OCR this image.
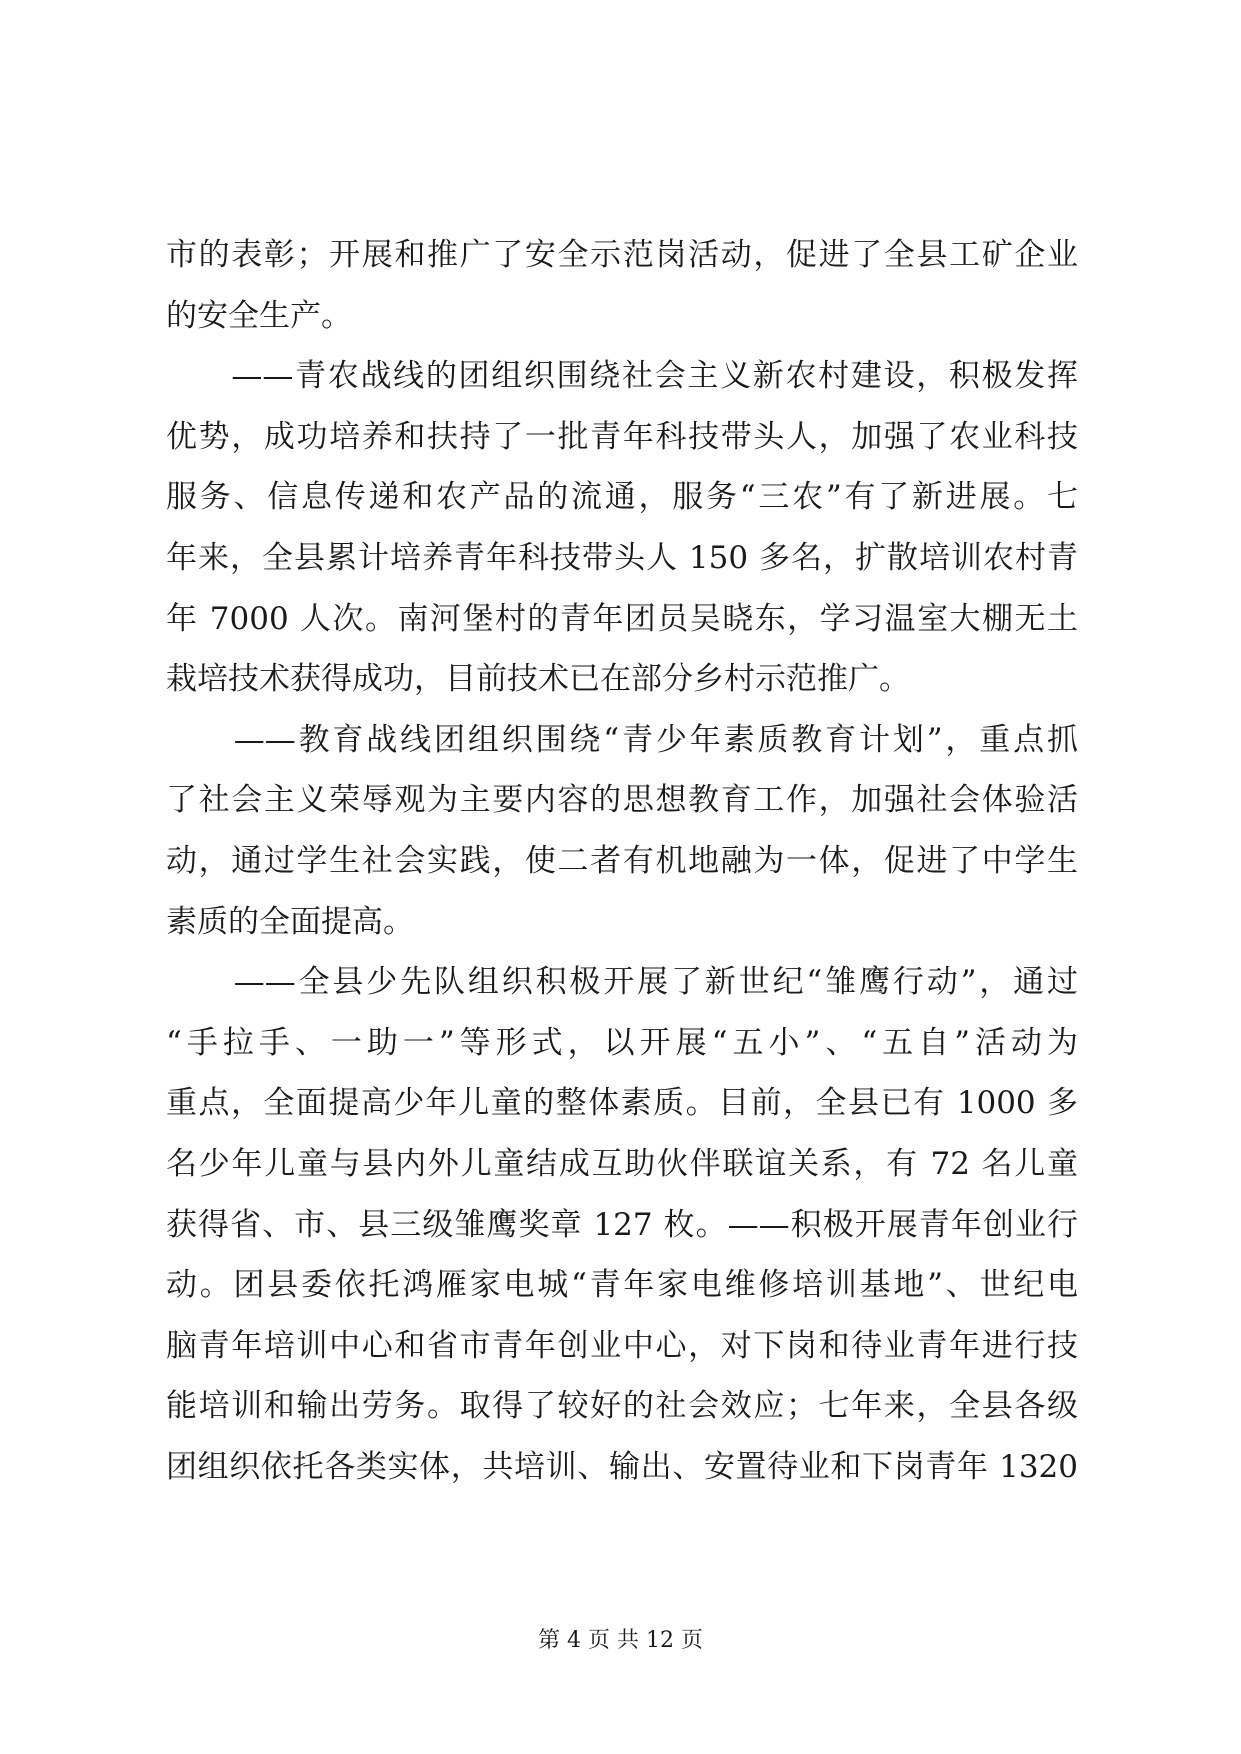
市的表彰；开展和推广了安全示范岗活动，促进了全县工矿企业
的安全生产。
　　——青农战线的团组织围绕社会主义新农村建设，积极发挥
优势，成功培养和扶持了一批青年科技带头人，加强了农业科技
服务、信息传递和农产品的流通，服务“三农”有了新进展。七
年来，全县累计培养青年科技带头人 150 多名，扩散培训农村青
年 7000 人次。南河堡村的青年团员吴晓东，学习温室大棚无土
栽培技术获得成功，目前技术已在部分乡村示范推广。
　　——教育战线团组织围绕“青少年素质教育计划”，重点抓
了社会主义荣辱观为主要内容的思想教育工作，加强社会体验活
动，通过学生社会实践，使二者有机地融为一体，促进了中学生
素质的全面提高。
　　——全县少先队组织积极开展了新世纪“雏鹰行动”，通过
“手拉手、一助一”等形式，以开展“五小”、“五自”活动为
重点，全面提高少年儿童的整体素质。目前，全县已有 1000 多
名少年儿童与县内外儿童结成互助伙伴联谊关系，有 72 名儿童
获得省、市、县三级雏鹰奖章 127 枚。——积极开展青年创业行
动。团县委依托鸿雁家电城“青年家电维修培训基地”、世纪电
脑青年培训中心和省市青年创业中心，对下岗和待业青年进行技
能培训和输出劳务。取得了较好的社会效应；七年来，全县各级
团组织依托各类实体，共培训、输出、安置待业和下岗青年 1320
第 4 页 共 12 页
